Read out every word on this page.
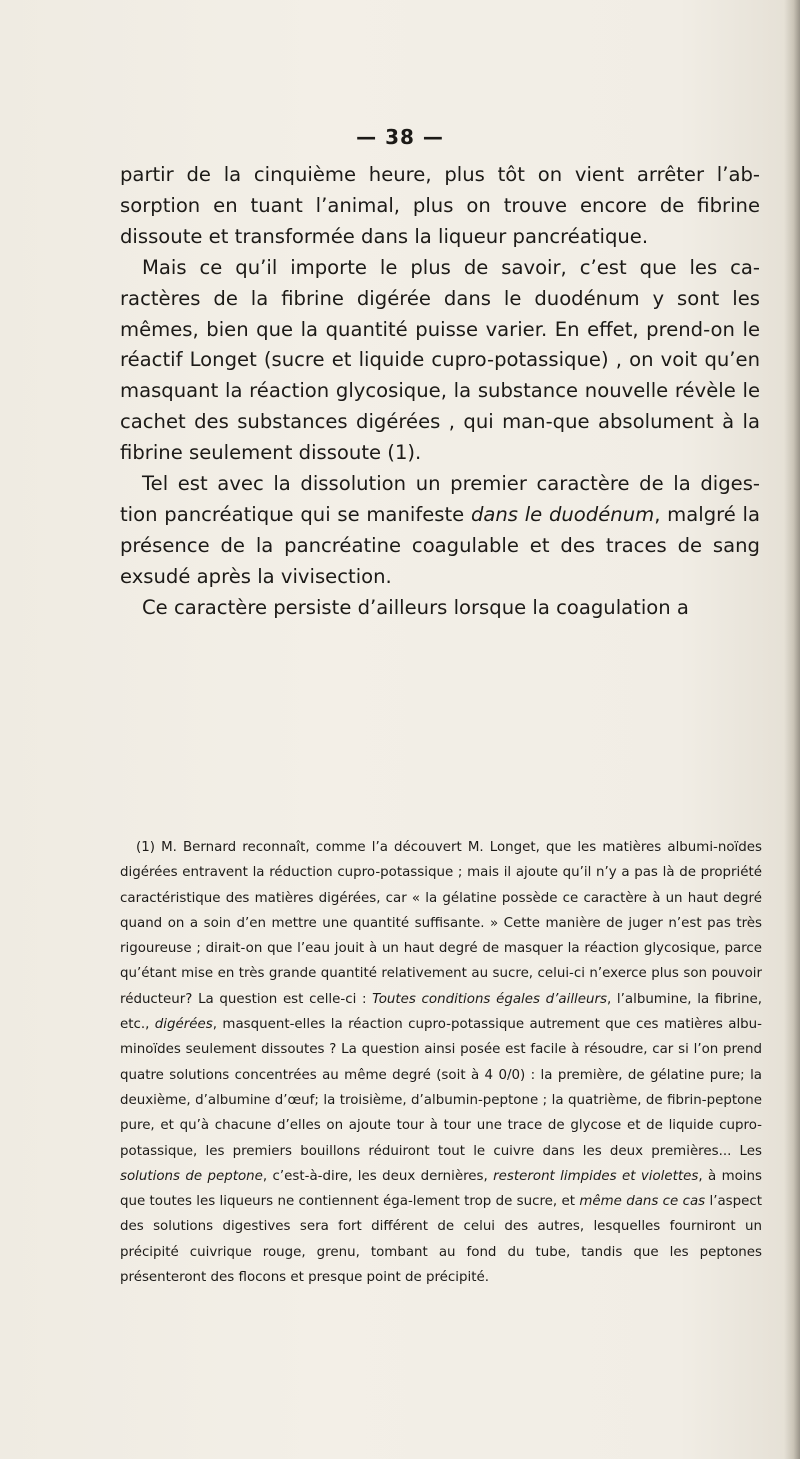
— 38 —

partir de la cinquième heure, plus tôt on vient arrêter l’ab-sorption en tuant l’animal, plus on trouve encore de fibrine dissoute et transformée dans la liqueur pancréatique.

Mais ce qu’il importe le plus de savoir, c’est que les ca-ractères de la fibrine digérée dans le duodénum y sont les mêmes, bien que la quantité puisse varier. En effet, prend-on le réactif Longet (sucre et liquide cupro-potassique) , on voit qu’en masquant la réaction glycosique, la substance nouvelle révèle le cachet des substances digérées , qui man-que absolument à la fibrine seulement dissoute (1).

Tel est avec la dissolution un premier caractère de la diges-tion pancréatique qui se manifeste dans le duodénum, malgré la présence de la pancréatine coagulable et des traces de sang exsudé après la vivisection.

Ce caractère persiste d’ailleurs lorsque la coagulation a

(1) M. Bernard reconnaît, comme l’a découvert M. Longet, que les matières albumi-noïdes digérées entravent la réduction cupro-potassique ; mais il ajoute qu’il n’y a pas là de propriété caractéristique des matières digérées, car « la gélatine possède ce caractère à un haut degré quand on a soin d’en mettre une quantité suffisante. » Cette manière de juger n’est pas très rigoureuse ; dirait-on que l’eau jouit à un haut degré de masquer la réaction glycosique, parce qu’étant mise en très grande quantité relativement au sucre, celui-ci n’exerce plus son pouvoir réducteur? La question est celle-ci : Toutes conditions égales d’ailleurs, l’albumine, la fibrine, etc., digérées, masquent-elles la réaction cupro-potassique autrement que ces matières albu-minoïdes seulement dissoutes ? La question ainsi posée est facile à résoudre, car si l’on prend quatre solutions concentrées au même degré (soit à 4 0/0) : la première, de gélatine pure; la deuxième, d’albumine d’œuf; la troisième, d’albumin-peptone ; la quatrième, de fibrin-peptone pure, et qu’à chacune d’elles on ajoute tour à tour une trace de glycose et de liquide cupro-potassique, les premiers bouillons réduiront tout le cuivre dans les deux premières... Les solutions de peptone, c’est-à-dire, les deux dernières, resteront limpides et violettes, à moins que toutes les liqueurs ne contiennent éga-lement trop de sucre, et même dans ce cas l’aspect des solutions digestives sera fort différent de celui des autres, lesquelles fourniront un précipité cuivrique rouge, grenu, tombant au fond du tube, tandis que les peptones présenteront des flocons et presque point de précipité.
